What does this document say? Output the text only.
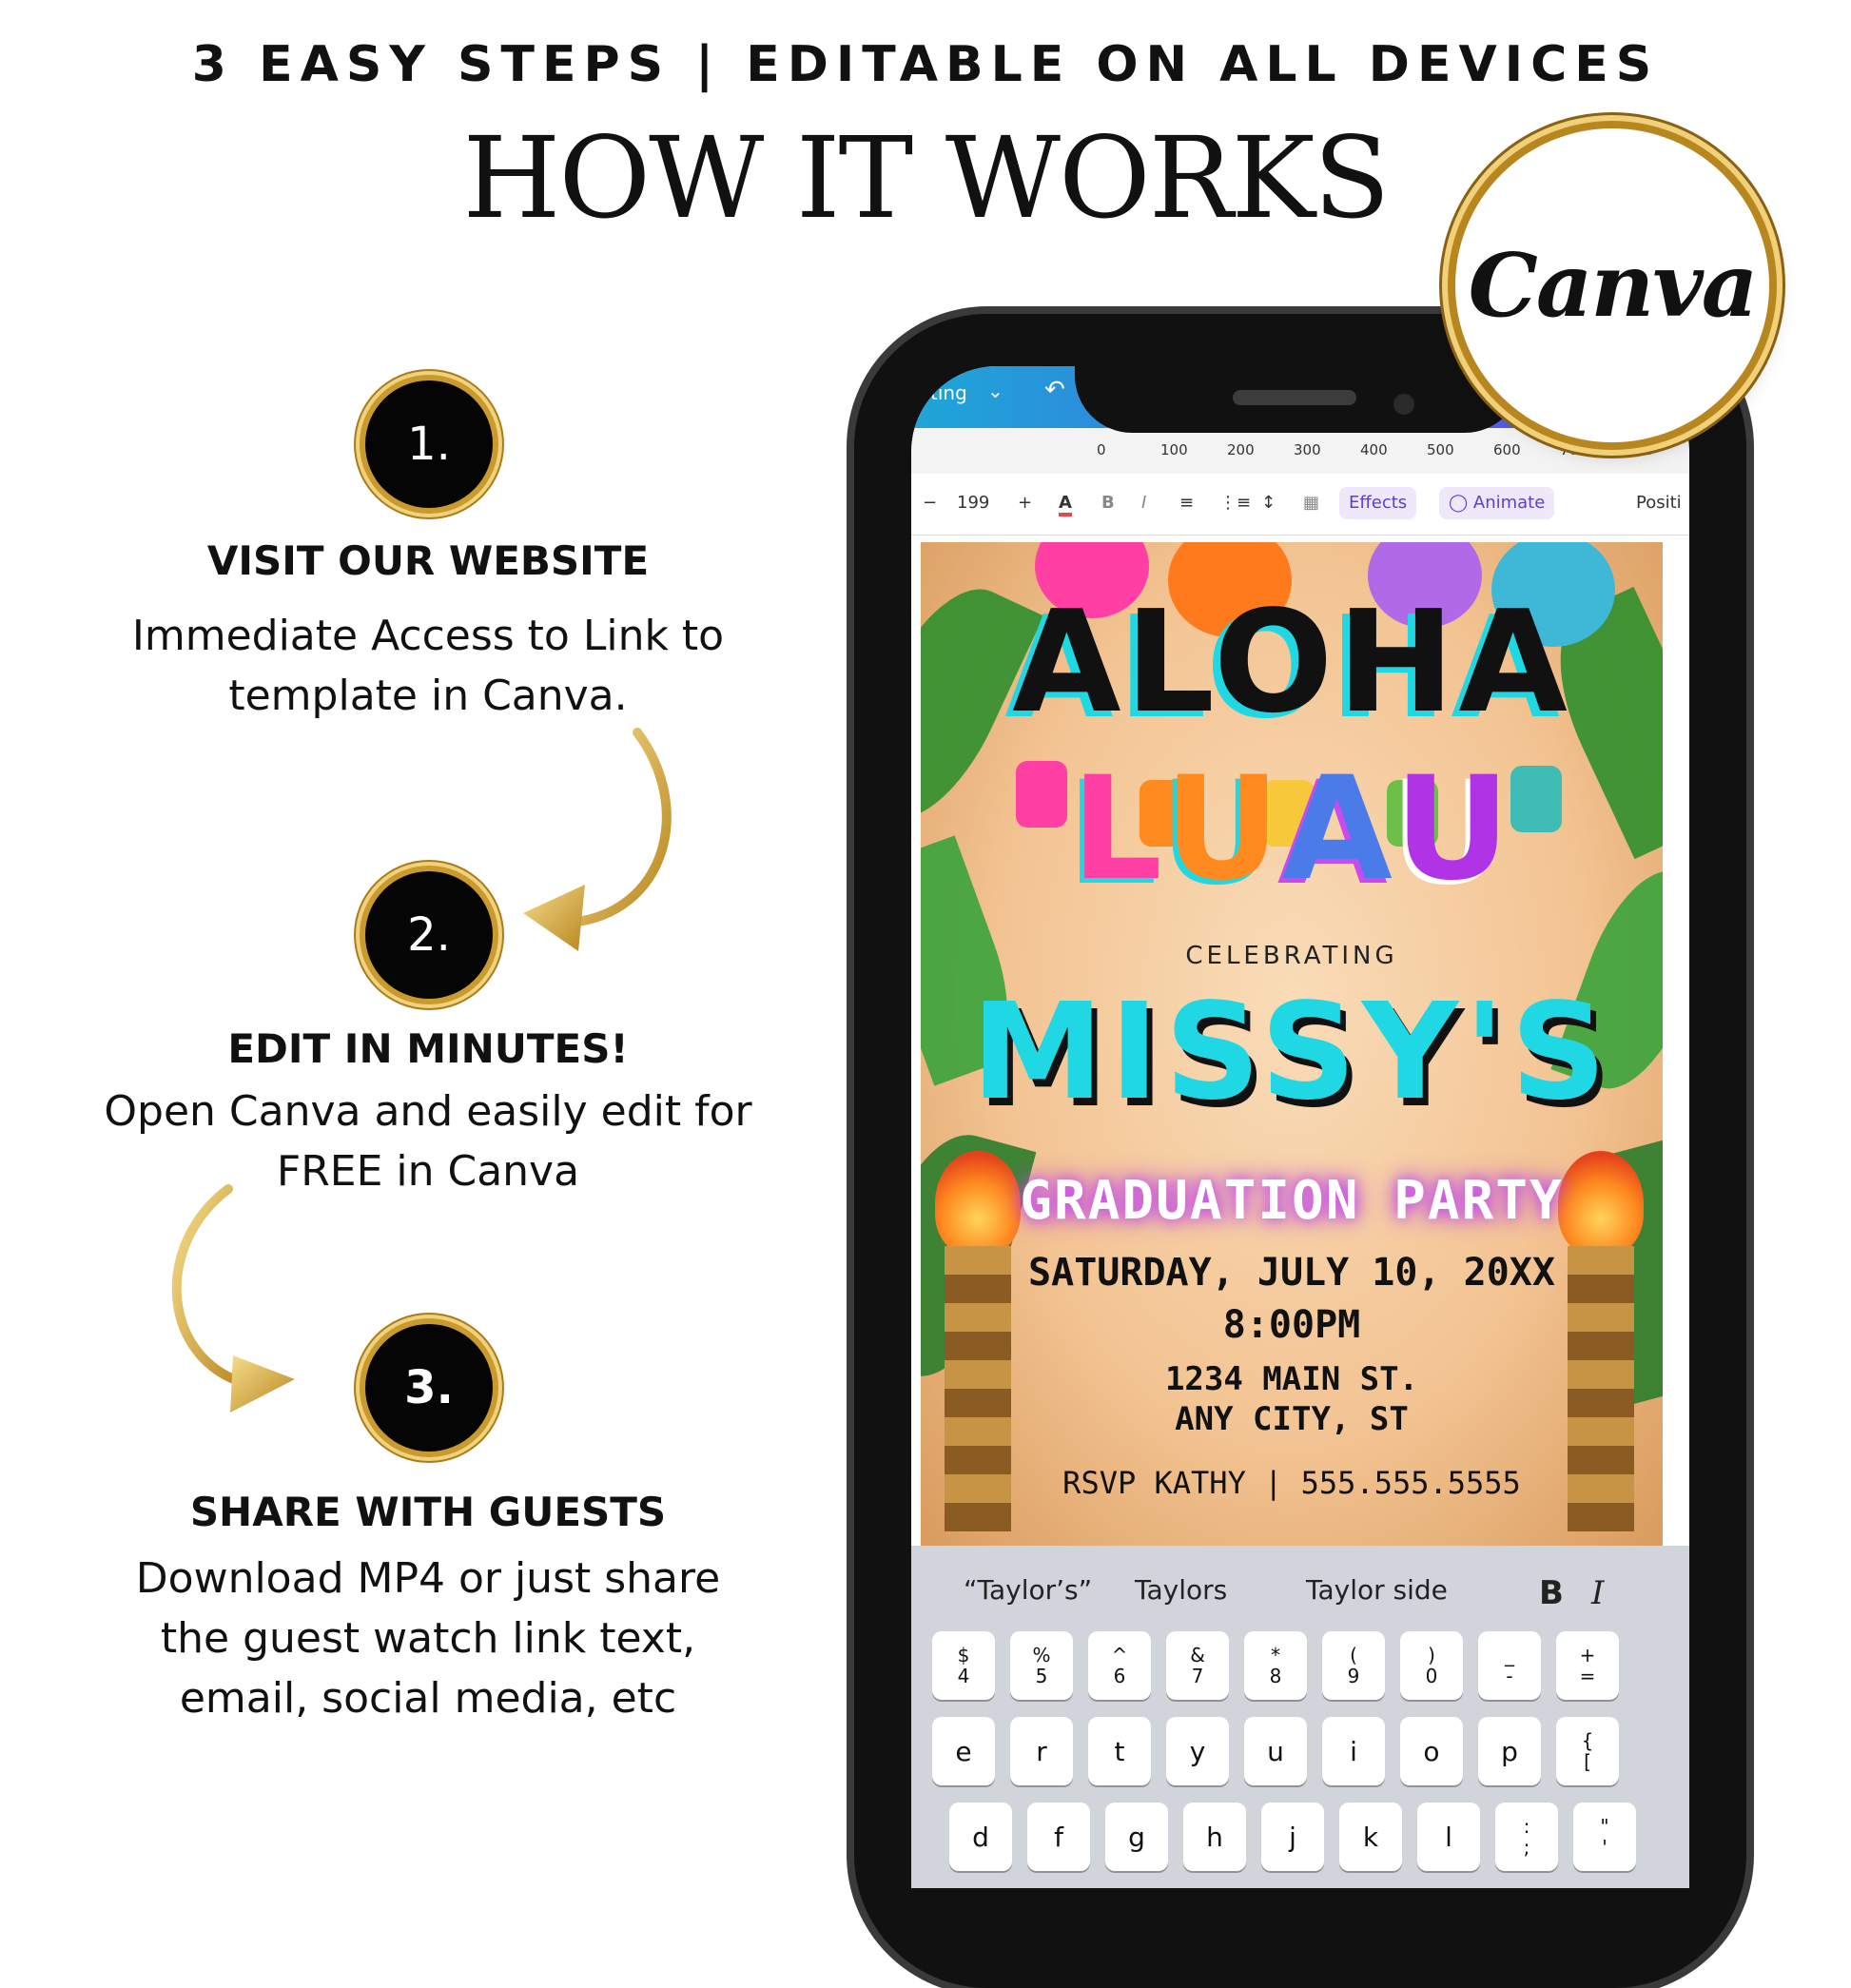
3 EASY STEPS | EDITABLE ON ALL DEVICES
HOW IT WORKS
1.
VISIT OUR WEBSITE
Immediate Access to Link to
template in Canva.
2.
EDIT IN MINUTES!
Open Canva and easily edit for
FREE in Canva
3.
SHARE WITH GUESTS
Download MP4 or just share
the guest watch link text,
email, social media, etc
ting ⌄ ↶
0	100	200	300	400	500	600	700	800
− 199 + A B I ≡ ⋮≡ ↕ ▦	Effects	◯ Animate	Positi
ALOHA
LUAU
CELEBRATING
MISSY'S
GRADUATION PARTY
SATURDAY, JULY 10, 20XX
8:00PM
1234 MAIN ST.
ANY CITY, ST
RSVP KATHY | 555.555.5555
“Taylor’s” Taylors	Taylor side	B I
$
4
%
5
^
6
&
7
*
8
(
9
)
0
_
-
+
=
e	r	t	y	u	i	o	p	{
[
d	f	g	h	j	k	l	:
;
"
'
Canva
